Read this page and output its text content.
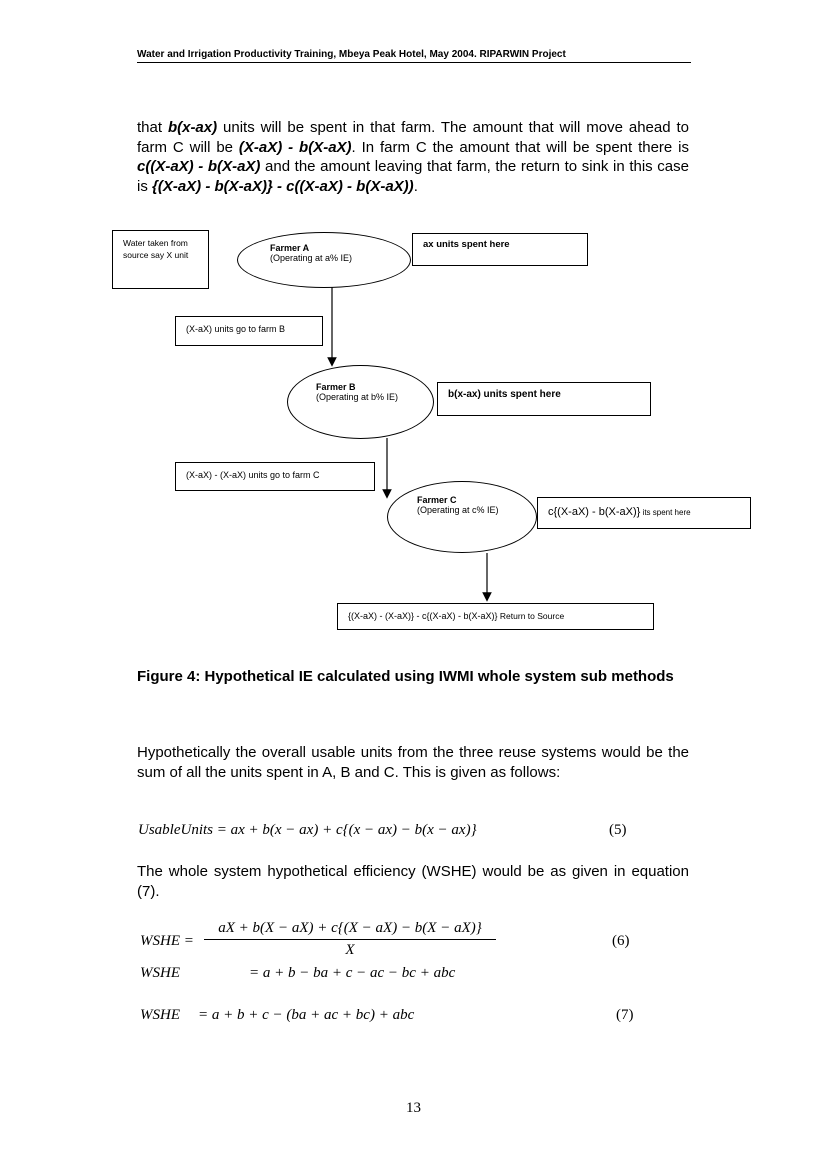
Water and Irrigation Productivity Training, Mbeya Peak Hotel, May 2004. RIPARWIN Project
that b(x-ax) units will be spent in that farm. The amount that will move ahead to farm C will be (X-aX) - b(X-aX). In farm C the amount that will be spent there is c((X-aX) - b(X-aX) and the amount leaving that farm, the return to sink in this case is {(X-aX) - b(X-aX)} - c((X-aX) - b(X-aX)).
Water taken from source say X unit
Farmer A
(Operating at a% IE)
ax units spent here
(X-aX) units go to farm B
Farmer B
(Operating at b% IE)	b(x-ax) units spent here
(X-aX) - (X-aX) units go to farm C
Farmer C
(Operating at c% IE)	c{(X-aX) - b(X-aX)} its spent here
{(X-aX) - (X-aX)} - c{(X-aX) - b(X-aX)} Return to Source
Figure 4: Hypothetical IE calculated using IWMI whole system sub methods
Hypothetically the overall usable units from the three reuse systems would be the sum of all the units spent in A, B and C. This is given as follows:
UsableUnits = ax + b(x − ax) + c{(x − ax) − b(x − ax)}	(5)
The whole system hypothetical efficiency (WSHE) would be as given in equation (7).
WSHE = $\frac{aX + b(X - aX) + c\{(X - aX) - b(X - aX)\}}{X}$	(6)
WSHE	= a + b − ba + c − ac − bc + abc
WSHE = a + b + c − (ba + ac + bc) + abc	(7)
13
